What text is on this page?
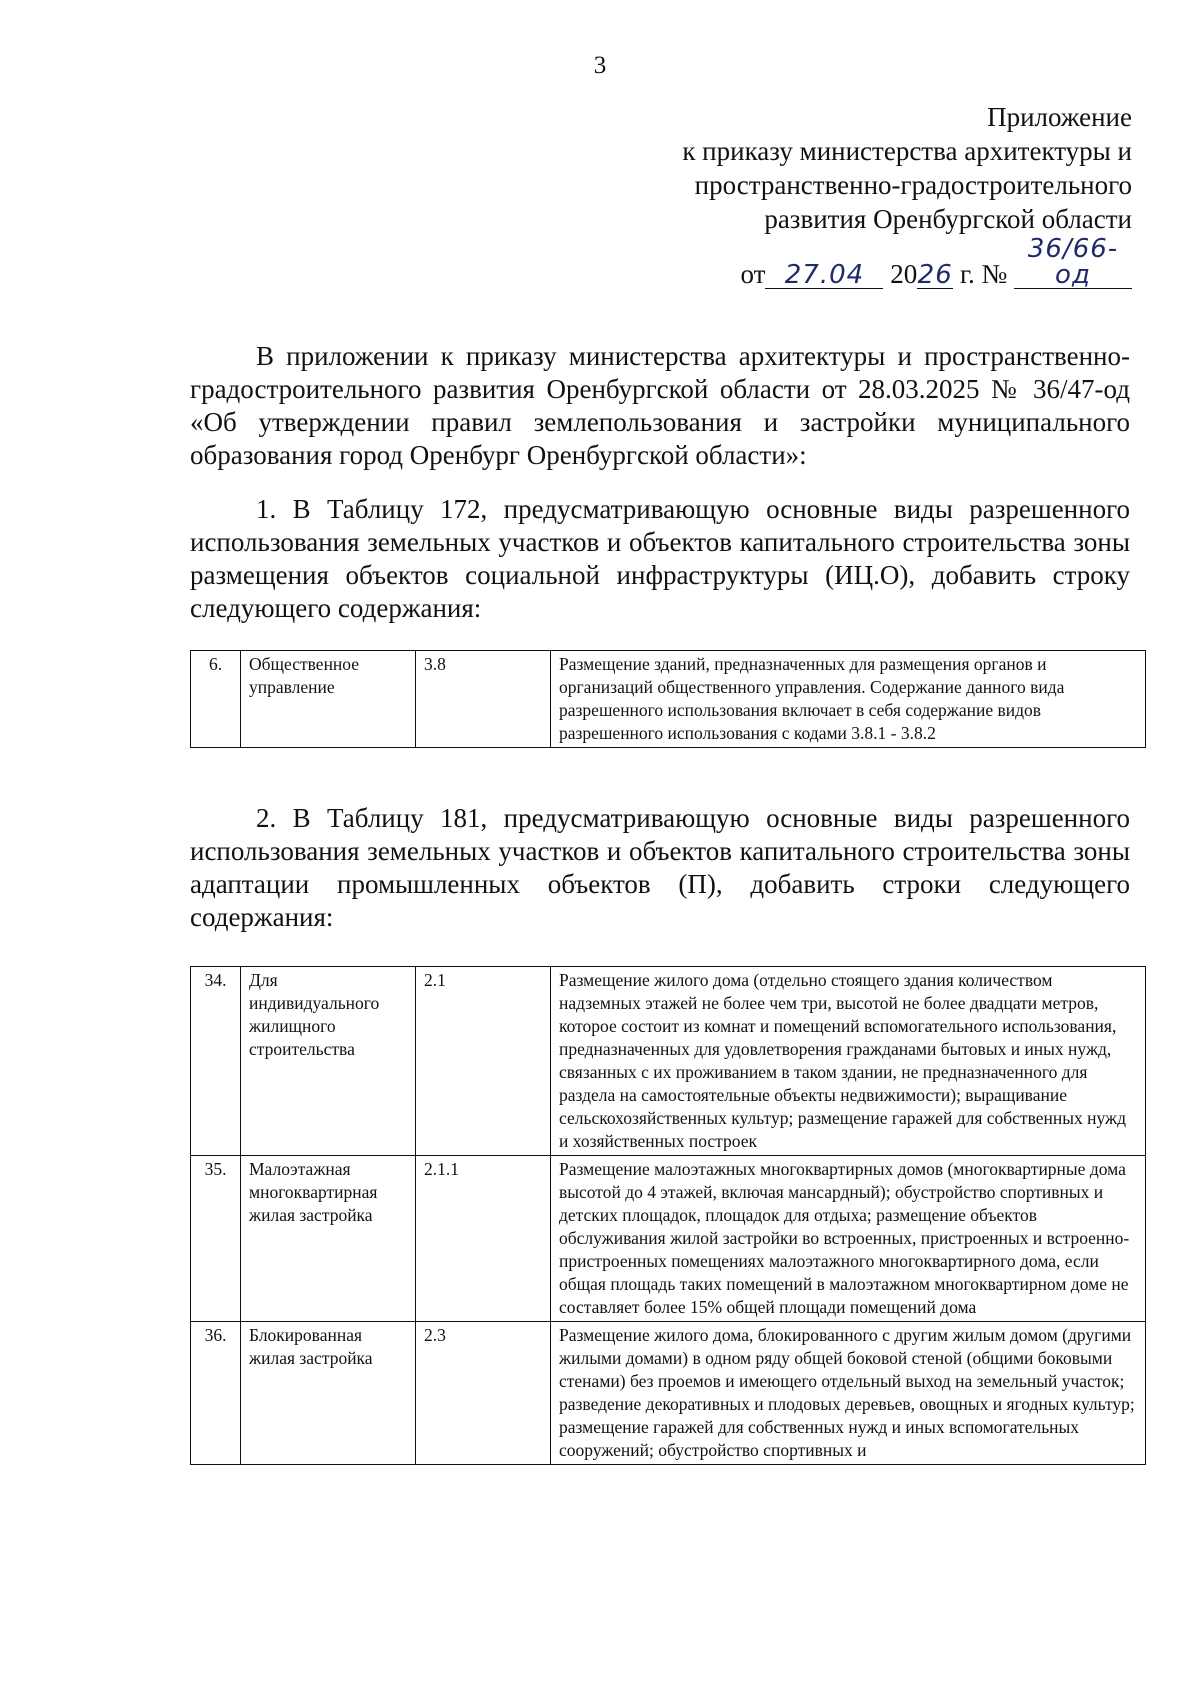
3
Приложение
к приказу министерства архитектуры и
пространственно-градостроительного
развития Оренбургской области
от 27.04 2026 г. № 36/66-од

В приложении к приказу министерства архитектуры и пространственно-градостроительного развития Оренбургской области от 28.03.2025 № 36/47-од «Об утверждении правил землепользования и застройки муниципального образования город Оренбург Оренбургской области»:

1. В Таблицу 172, предусматривающую основные виды разрешенного использования земельных участков и объектов капитального строительства зоны размещения объектов социальной инфраструктуры (ИЦ.О), добавить строку следующего содержания:

6.	Общественное управление	3.8	Размещение зданий, предназначенных для размещения органов и организаций общественного управления. Содержание данного вида разрешенного использования включает в себя содержание видов разрешенного использования с кодами 3.8.1 - 3.8.2

2. В Таблицу 181, предусматривающую основные виды разрешенного использования земельных участков и объектов капитального строительства зоны адаптации промышленных объектов (П), добавить строки следующего содержания:

34.	Для индивидуального жилищного строительства	2.1	Размещение жилого дома (отдельно стоящего здания количеством надземных этажей не более чем три, высотой не более двадцати метров, которое состоит из комнат и помещений вспомогательного использования, предназначенных для удовлетворения гражданами бытовых и иных нужд, связанных с их проживанием в таком здании, не предназначенного для раздела на самостоятельные объекты недвижимости); выращивание сельскохозяйственных культур; размещение гаражей для собственных нужд и хозяйственных построек
35.	Малоэтажная многоквартирная жилая застройка	2.1.1	Размещение малоэтажных многоквартирных домов (многоквартирные дома высотой до 4 этажей, включая мансардный); обустройство спортивных и детских площадок, площадок для отдыха; размещение объектов обслуживания жилой застройки во встроенных, пристроенных и встроенно-пристроенных помещениях малоэтажного многоквартирного дома, если общая площадь таких помещений в малоэтажном многоквартирном доме не составляет более 15% общей площади помещений дома
36.	Блокированная жилая застройка	2.3	Размещение жилого дома, блокированного с другим жилым домом (другими жилыми домами) в одном ряду общей боковой стеной (общими боковыми стенами) без проемов и имеющего отдельный выход на земельный участок; разведение декоративных и плодовых деревьев, овощных и ягодных культур; размещение гаражей для собственных нужд и иных вспомогательных сооружений; обустройство спортивных и
